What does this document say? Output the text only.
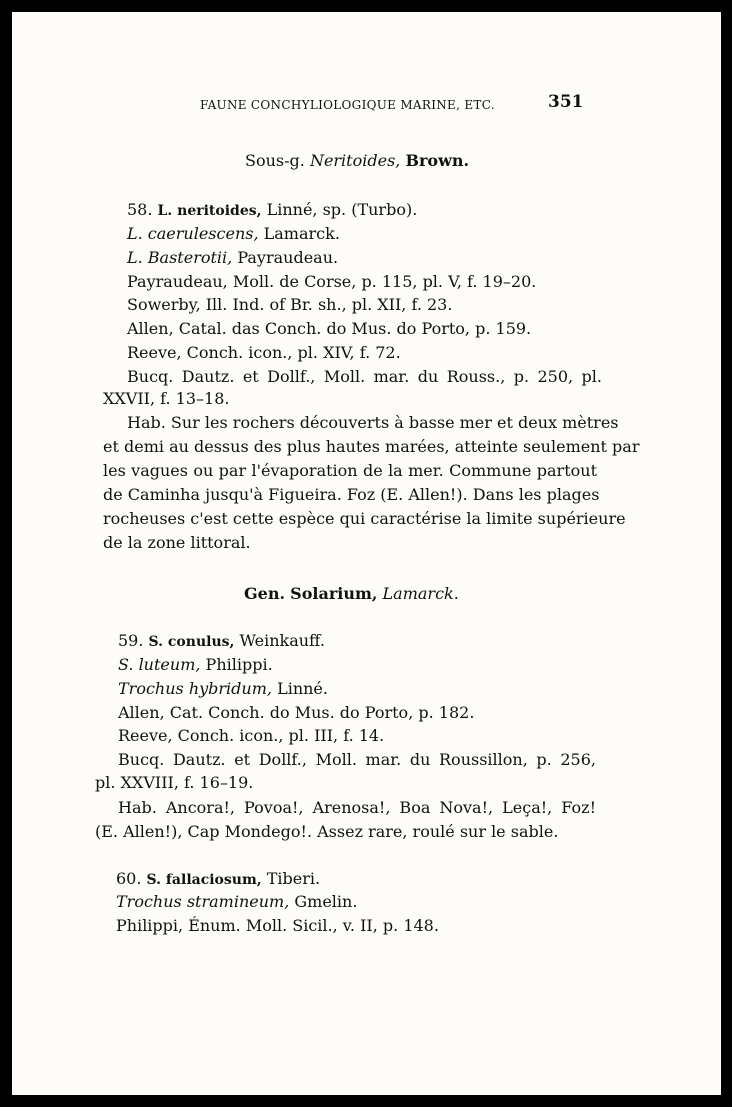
FAUNE CONCHYLIOLOGIQUE MARINE, ETC.	351
Sous-g. Neritoides, Brown.
58. L. neritoides, Linné, sp. (Turbo).
L. caerulescens, Lamarck.
L. Basterotii, Payraudeau.
Payraudeau, Moll. de Corse, p. 115, pl. V, f. 19–20.
Sowerby, Ill. Ind. of Br. sh., pl. XII, f. 23.
Allen, Catal. das Conch. do Mus. do Porto, p. 159.
Reeve, Conch. icon., pl. XIV, f. 72.
Bucq. Dautz. et Dollf., Moll. mar. du Rouss., p. 250, pl.
XXVII, f. 13–18.
Hab. Sur les rochers découverts à basse mer et deux mètres
et demi au dessus des plus hautes marées, atteinte seulement par
les vagues ou par l'évaporation de la mer. Commune partout
de Caminha jusqu'à Figueira. Foz (E. Allen!). Dans les plages
rocheuses c'est cette espèce qui caractérise la limite supérieure
de la zone littoral.
Gen. Solarium, Lamarck.
59. S. conulus, Weinkauff.
S. luteum, Philippi.
Trochus hybridum, Linné.
Allen, Cat. Conch. do Mus. do Porto, p. 182.
Reeve, Conch. icon., pl. III, f. 14.
Bucq. Dautz. et Dollf., Moll. mar. du Roussillon, p. 256,
pl. XXVIII, f. 16–19.
Hab. Ancora!, Povoa!, Arenosa!, Boa Nova!, Leça!, Foz!
(E. Allen!), Cap Mondego!. Assez rare, roulé sur le sable.
60. S. fallaciosum, Tiberi.
Trochus stramineum, Gmelin.
Philippi, Énum. Moll. Sicil., v. II, p. 148.
